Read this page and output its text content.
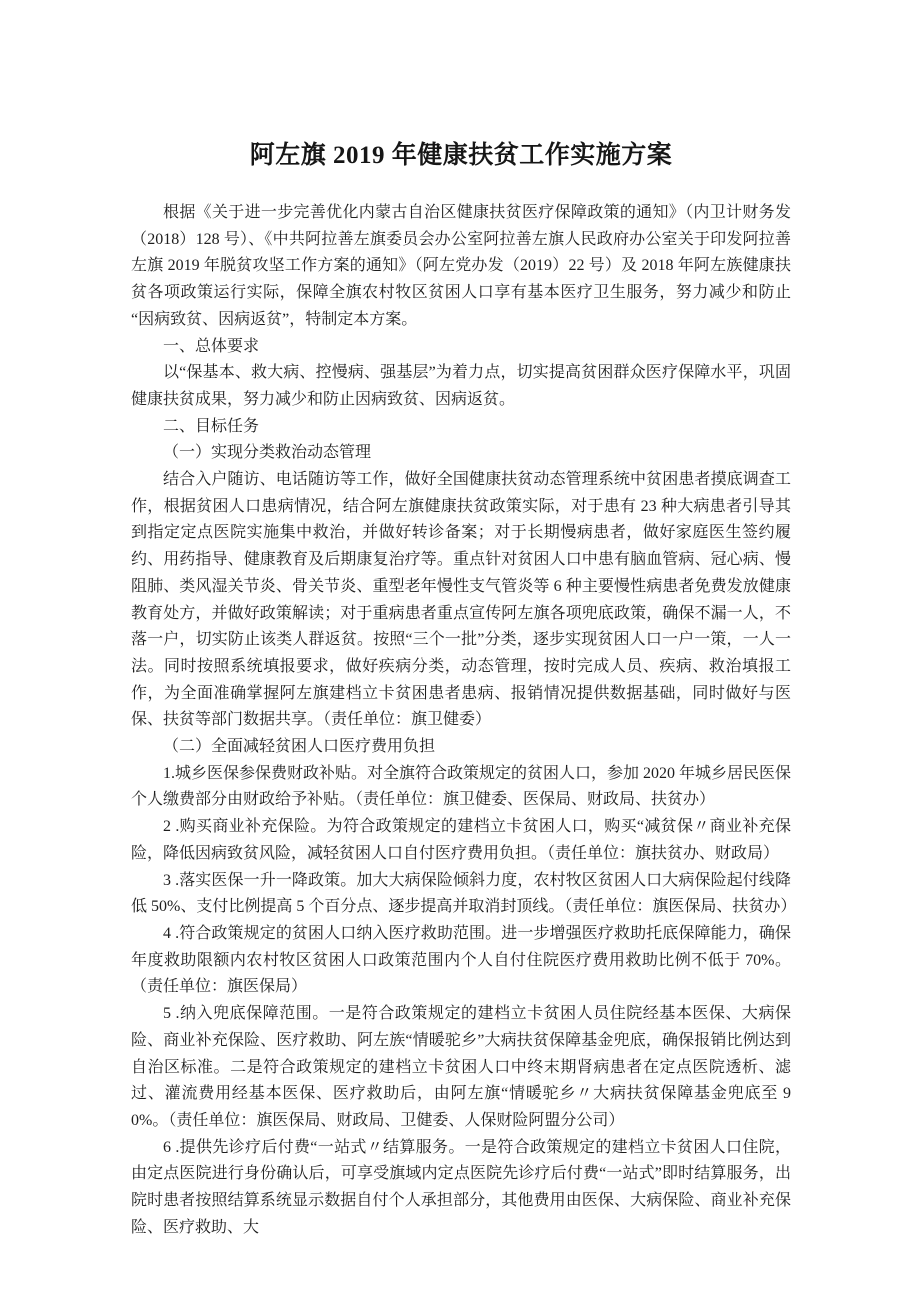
阿左旗 2019 年健康扶贫工作实施方案

根据《关于进一步完善优化内蒙古自治区健康扶贫医疗保障政策的通知》（内卫计财务发（2018）128 号）、《中共阿拉善左旗委员会办公室阿拉善左旗人民政府办公室关于印发阿拉善左旗 2019 年脱贫攻坚工作方案的通知》（阿左党办发（2019）22 号）及 2018 年阿左族健康扶贫各项政策运行实际，保障全旗农村牧区贫困人口享有基本医疗卫生服务，努力减少和防止“因病致贫、因病返贫”，特制定本方案。

一、总体要求

以“保基本、救大病、控慢病、强基层”为着力点，切实提高贫困群众医疗保障水平，巩固健康扶贫成果，努力减少和防止因病致贫、因病返贫。

二、目标任务

（一）实现分类救治动态管理

结合入户随访、电话随访等工作，做好全国健康扶贫动态管理系统中贫困患者摸底调查工作，根据贫困人口患病情况，结合阿左旗健康扶贫政策实际，对于患有 23 种大病患者引导其到指定定点医院实施集中救治，并做好转诊备案；对于长期慢病患者，做好家庭医生签约履约、用药指导、健康教育及后期康复治疗等。重点针对贫困人口中患有脑血管病、冠心病、慢阻肺、类风湿关节炎、骨关节炎、重型老年慢性支气管炎等 6 种主要慢性病患者免费发放健康教育处方，并做好政策解读；对于重病患者重点宣传阿左旗各项兜底政策，确保不漏一人，不落一户，切实防止该类人群返贫。按照“三个一批”分类，逐步实现贫困人口一户一策，一人一法。同时按照系统填报要求，做好疾病分类，动态管理，按时完成人员、疾病、救治填报工作，为全面准确掌握阿左旗建档立卡贫困患者患病、报销情况提供数据基础，同时做好与医保、扶贫等部门数据共享。（责任单位：旗卫健委）

（二）全面减轻贫困人口医疗费用负担

1.城乡医保参保费财政补贴。对全旗符合政策规定的贫困人口，参加 2020 年城乡居民医保个人缴费部分由财政给予补贴。（责任单位：旗卫健委、医保局、财政局、扶贫办）

2 .购买商业补充保险。为符合政策规定的建档立卡贫困人口，购买“减贫保〃商业补充保险，降低因病致贫风险，减轻贫困人口自付医疗费用负担。（责任单位：旗扶贫办、财政局）

3 .落实医保一升一降政策。加大大病保险倾斜力度，农村牧区贫困人口大病保险起付线降低 50%、支付比例提高 5 个百分点、逐步提高并取消封顶线。（责任单位：旗医保局、扶贫办）

4 .符合政策规定的贫困人口纳入医疗救助范围。进一步增强医疗救助托底保障能力，确保年度救助限额内农村牧区贫困人口政策范围内个人自付住院医疗费用救助比例不低于 70%。（责任单位：旗医保局）

5 .纳入兜底保障范围。一是符合政策规定的建档立卡贫困人员住院经基本医保、大病保险、商业补充保险、医疗救助、阿左族“情暖驼乡”大病扶贫保障基金兜底，确保报销比例达到自治区标准。二是符合政策规定的建档立卡贫困人口中终末期肾病患者在定点医院透析、滤过、灌流费用经基本医保、医疗救助后，由阿左旗“情暖驼乡〃大病扶贫保障基金兜底至 90%。（责任单位：旗医保局、财政局、卫健委、人保财险阿盟分公司）

6 .提供先诊疗后付费“一站式〃结算服务。一是符合政策规定的建档立卡贫困人口住院，由定点医院进行身份确认后，可享受旗域内定点医院先诊疗后付费“一站式”即时结算服务，出院时患者按照结算系统显示数据自付个人承担部分，其他费用由医保、大病保险、商业补充保险、医疗救助、大
